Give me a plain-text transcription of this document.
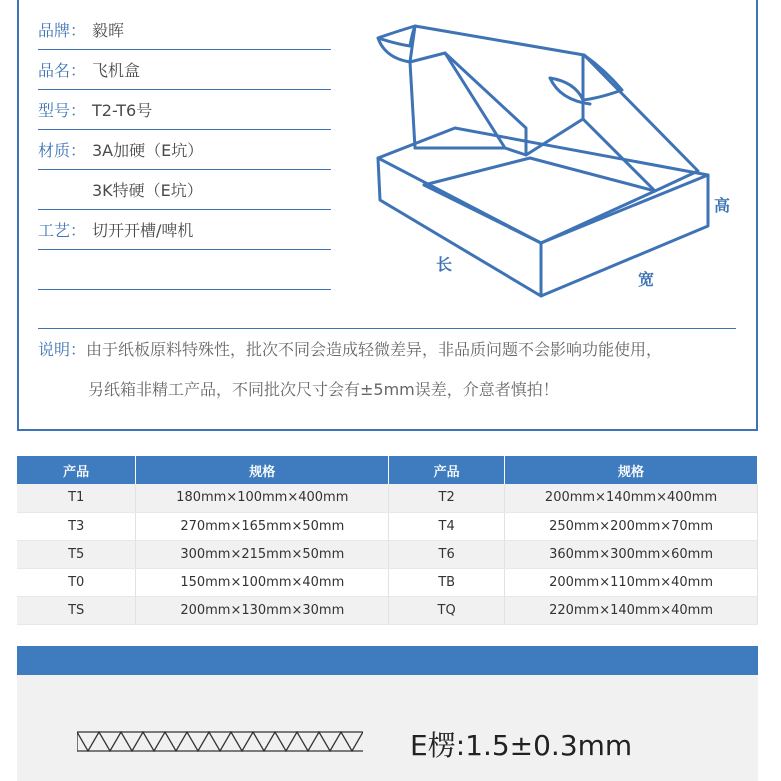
品牌： 毅晖
品名： 飞机盒
型号： T2-T6号
材质： 3A加硬（E坑）
3K特硬（E坑）
工艺： 切开开槽/啤机
长
宽
高
说明：由于纸板原料特殊性，批次不同会造成轻微差异，非品质问题不会影响功能使用，
另纸箱非精工产品，不同批次尺寸会有±5mm误差，介意者慎拍！
产品	规格	产品	规格
T1	180mm×100mm×400mm	T2	200mm×140mm×400mm
T3	270mm×165mm×50mm	T4	250mm×200mm×70mm
T5	300mm×215mm×50mm	T6	360mm×300mm×60mm
T0	150mm×100mm×40mm	TB	200mm×110mm×40mm
TS	200mm×130mm×30mm	TQ	220mm×140mm×40mm
E楞:1.5±0.3mm
